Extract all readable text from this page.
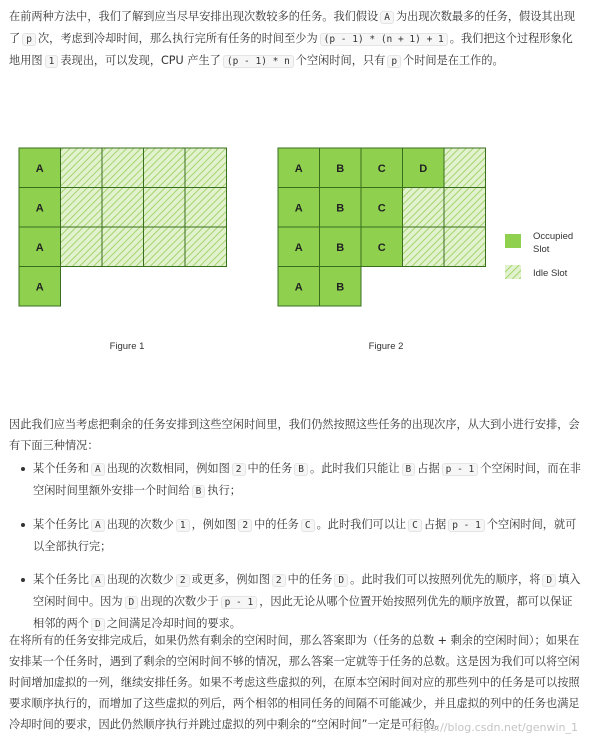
在前两种方法中，我们了解到应当尽早安排出现次数较多的任务。我们假设 A 为出现次数最多的任务，假设其出现了 p 次，考虑到冷却时间，那么执行完所有任务的时间至少为 (p - 1) * (n + 1) + 1 。我们把这个过程形象化地用图 1 表现出，可以发现，CPU 产生了 (p - 1) * n 个空闲时间，只有 p 个时间是在工作的。

A
A
A
A
A	B	C	D
A	B	C
A	B	C
A	B
Occupied
Slot
Idle Slot
Figure 1	Figure 2

因此我们应当考虑把剩余的任务安排到这些空闲时间里，我们仍然按照这些任务的出现次序，从大到小进行安排，会有下面三种情况：

某个任务和 A 出现的次数相同，例如图 2 中的任务 B 。此时我们只能让 B 占据 p - 1 个空闲时间，而在非空闲时间里额外安排一个时间给 B 执行；
某个任务比 A 出现的次数少 1 ，例如图 2 中的任务 C 。此时我们可以让 C 占据 p - 1 个空闲时间，就可以全部执行完；
某个任务比 A 出现的次数少 2 或更多，例如图 2 中的任务 D 。此时我们可以按照列优先的顺序，将 D 填入空闲时间中。因为 D 出现的次数少于 p - 1 ，因此无论从哪个位置开始按照列优先的顺序放置，都可以保证相邻的两个 D 之间满足冷却时间的要求。

在将所有的任务安排完成后，如果仍然有剩余的空闲时间，那么答案即为（任务的总数 + 剩余的空闲时间）；如果在安排某一个任务时，遇到了剩余的空闲时间不够的情况，那么答案一定就等于任务的总数。这是因为我们可以将空闲时间增加虚拟的一列，继续安排任务。如果不考虑这些虚拟的列，在原本空闲时间对应的那些列中的任务是可以按照要求顺序执行的，而增加了这些虚拟的列后，两个相邻的相同任务的间隔不可能减少，并且虚拟的列中的任务也满足冷却时间的要求，因此仍然顺序执行并跳过虚拟的列中剩余的“空闲时间”一定是可行的。

https://blog.csdn.net/genwin_1
